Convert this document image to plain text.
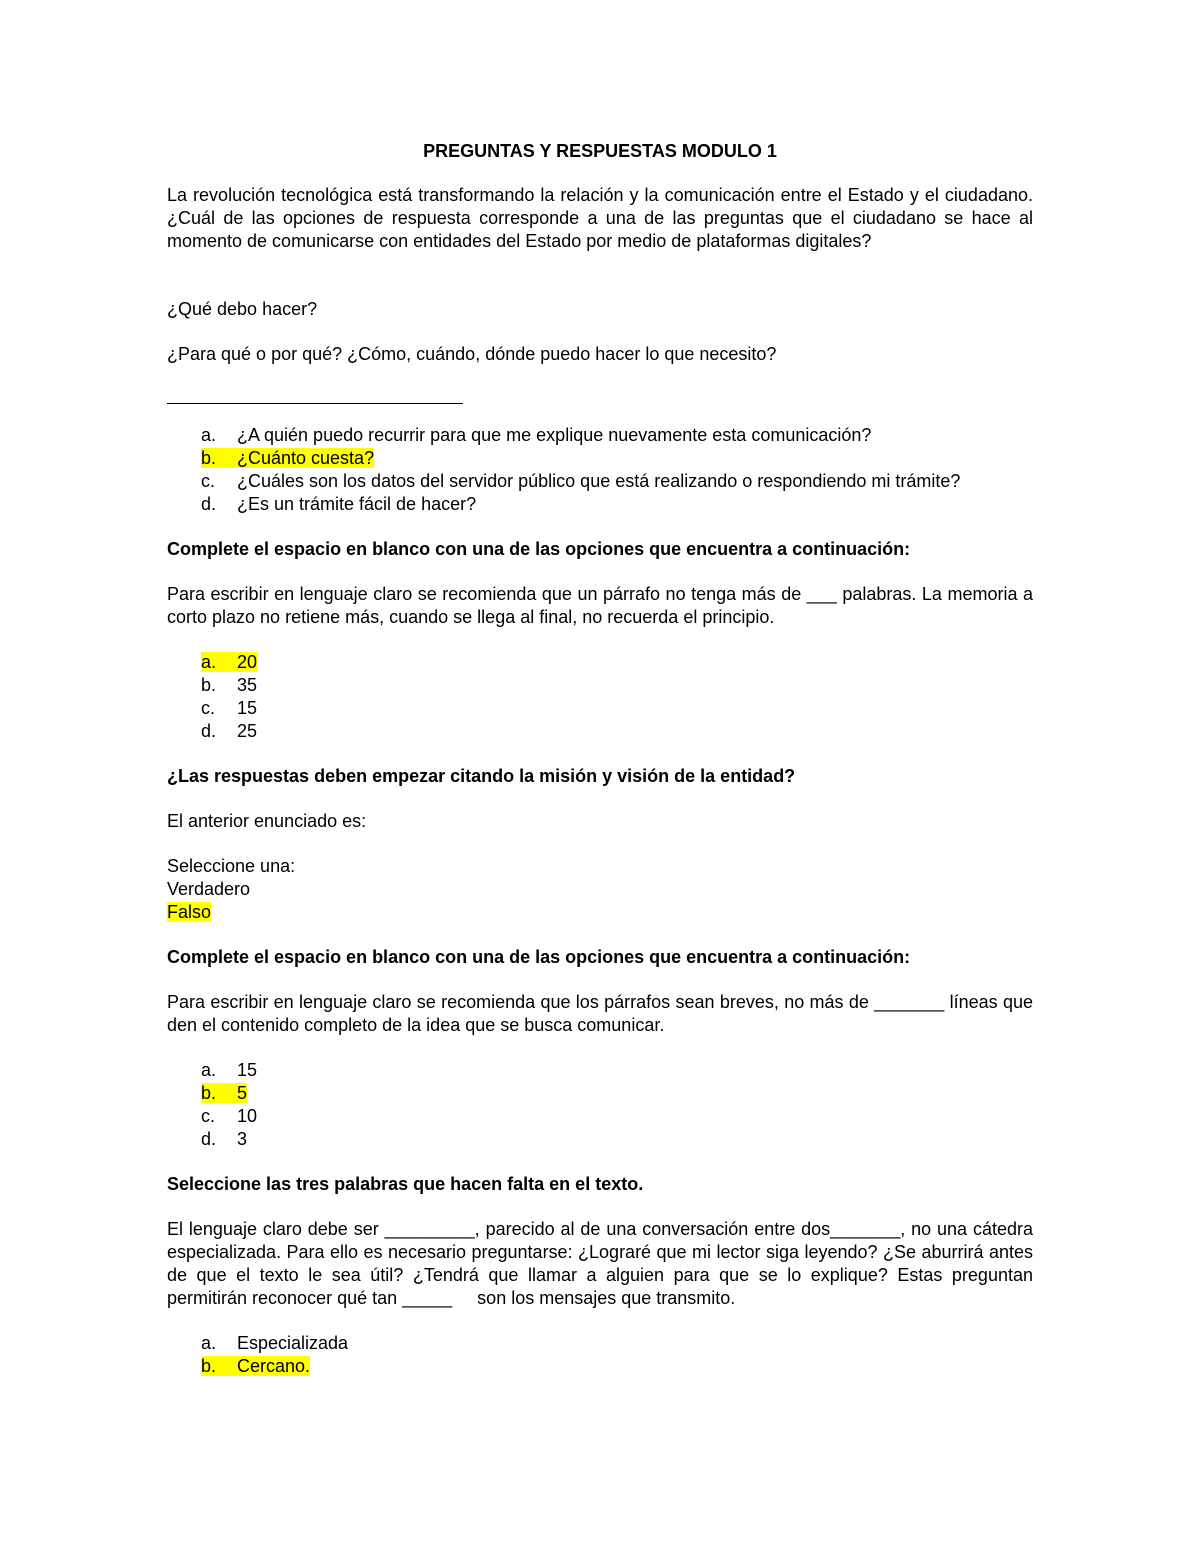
PREGUNTAS Y RESPUESTAS MODULO 1

La revolución tecnológica está transformando la relación y la comunicación entre el Estado y el ciudadano. ¿Cuál de las opciones de respuesta corresponde a una de las preguntas que el ciudadano se hace al momento de comunicarse con entidades del Estado por medio de plataformas digitales?

¿Qué debo hacer?

¿Para qué o por qué? ¿Cómo, cuándo, dónde puedo hacer lo que necesito?

a. ¿A quién puedo recurrir para que me explique nuevamente esta comunicación?
b. ¿Cuánto cuesta?
c. ¿Cuáles son los datos del servidor público que está realizando o respondiendo mi trámite?
d. ¿Es un trámite fácil de hacer?

Complete el espacio en blanco con una de las opciones que encuentra a continuación:

Para escribir en lenguaje claro se recomienda que un párrafo no tenga más de ___ palabras. La memoria a corto plazo no retiene más, cuando se llega al final, no recuerda el principio.

a. 20
b. 35
c. 15
d. 25

¿Las respuestas deben empezar citando la misión y visión de la entidad?

El anterior enunciado es:

Seleccione una:

Verdadero

Falso

Complete el espacio en blanco con una de las opciones que encuentra a continuación:

Para escribir en lenguaje claro se recomienda que los párrafos sean breves, no más de _______ líneas que den el contenido completo de la idea que se busca comunicar.

a. 15
b. 5
c. 10
d. 3

Seleccione las tres palabras que hacen falta en el texto.

El lenguaje claro debe ser _________, parecido al de una conversación entre dos_______, no una cátedra especializada. Para ello es necesario preguntarse: ¿Lograré que mi lector siga leyendo? ¿Se aburrirá antes de que el texto le sea útil? ¿Tendrá que llamar a alguien para que se lo explique? Estas preguntan permitirán reconocer qué tan _____     son los mensajes que transmito.

a. Especializada
b. Cercano.
